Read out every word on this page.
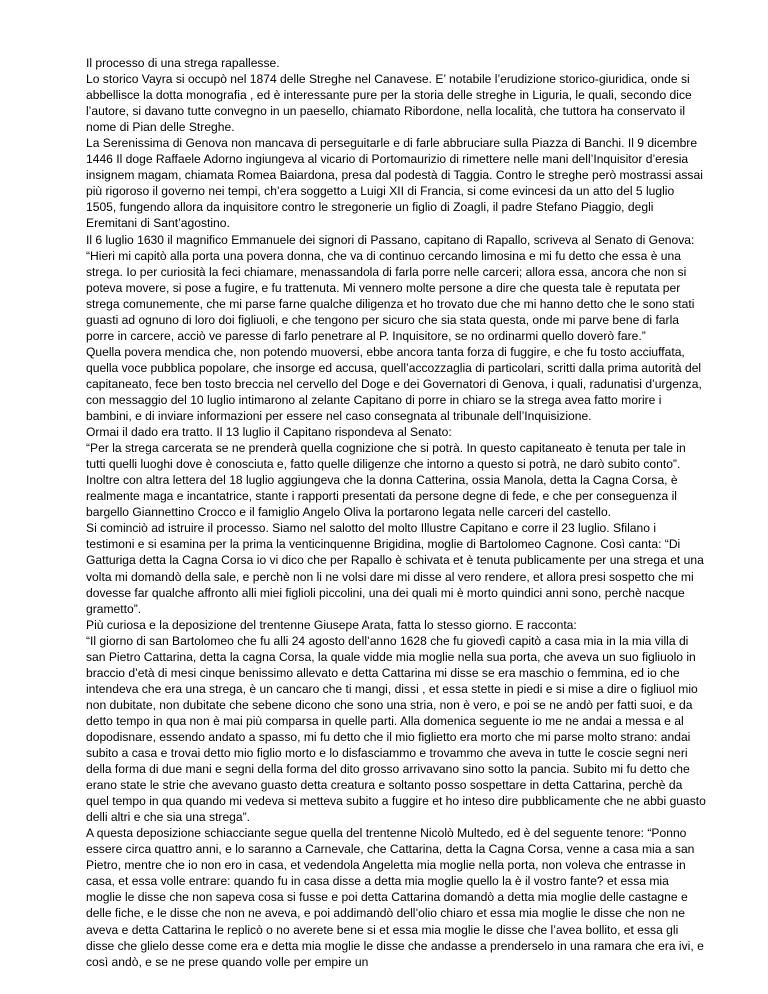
Il processo di una strega rapallesse.

Lo storico Vayra si occupò nel 1874 delle Streghe nel Canavese. E’ notabile l’erudizione storico-giuridica, onde si abbellisce la dotta monografia , ed è interessante pure per la storia delle streghe in Liguria, le quali, secondo dice l’autore, si davano tutte convegno in un paesello, chiamato Ribordone, nella località, che tuttora ha conservato il nome di Pian delle Streghe.

La Serenissima di Genova non mancava di perseguitarle e di farle abbruciare sulla Piazza di Banchi. Il 9 dicembre 1446 Il doge Raffaele Adorno ingiungeva al vicario di Portomaurizio di rimettere nelle mani dell’Inquisitor d’eresia insignem magam, chiamata Romea Baiardona, presa dal podestà di Taggia. Contro le streghe però mostrassi assai più rigoroso il governo nei tempi, ch’era soggetto a Luigi XII di Francia, si come evincesi da un atto del 5 luglio 1505, fungendo allora da inquisitore contro le stregonerie un figlio di Zoagli, il padre Stefano Piaggio, degli Eremitani di Sant’agostino.

Il 6 luglio 1630 il magnifico Emmanuele dei signori di Passano, capitano di Rapallo, scriveva al Senato di Genova:

“Hieri mi capitò alla porta una povera donna, che va di continuo cercando limosina e mi fu detto che essa è una strega. Io per curiosità la feci chiamare, menassandola di farla porre nelle carceri; allora essa, ancora che non si poteva movere, si pose a fugire, e fu trattenuta. Mi vennero molte persone a dire che questa tale è reputata per strega comunemente, che mi parse farne qualche diligenza et ho trovato due che mi hanno detto che le sono stati guasti ad ognuno di loro doi figliuoli, e che tengono per sicuro che sia stata questa, onde mi parve bene di farla porre in carcere, acciò ve paresse di farlo penetrare al P. Inquisitore, se no ordinarmi quello doverò fare.”

Quella povera mendica che, non potendo muoversi, ebbe ancora tanta forza di fuggire, e che fu tosto acciuffata, quella voce pubblica popolare, che insorge ed accusa, quell’accozzaglia di particolari, scritti dalla prima autorità del capitaneato, fece ben tosto breccia nel cervello del Doge e dei Governatori di Genova, i quali, radunatisi d’urgenza, con messaggio del 10 luglio intimarono al zelante Capitano di porre in chiaro se la strega avea fatto morire i bambini, e di inviare informazioni per essere nel caso consegnata al tribunale dell’Inquisizione.

Ormai il dado era tratto. Il 13 luglio il Capitano rispondeva al Senato:

“Per la strega carcerata se ne prenderà quella cognizione che si potrà. In questo capitaneato è tenuta per tale in tutti quelli luoghi dove è conosciuta e, fatto quelle diligenze che intorno a questo si potrà, ne darò subito conto”.

Inoltre con altra lettera del 18 luglio aggiungeva che la donna Catterina, ossia Manola, detta la Cagna Corsa, è realmente maga e incantatrice, stante i rapporti presentati da persone degne di fede, e che per conseguenza il bargello Giannettino Crocco e il famiglio Angelo Oliva la portarono legata nelle carceri del castello.

Si cominciò ad istruire il processo. Siamo nel salotto del molto Illustre Capitano e corre il 23 luglio. Sfilano i testimoni e si esamina per la prima la venticinquenne Brigidina, moglie di Bartolomeo Cagnone. Così canta: “Di Gatturiga detta la Cagna Corsa io vi dico che per Rapallo è schivata et è tenuta publicamente per una strega et una volta mi domandò della sale, e perchè non li ne volsi dare mi disse al vero rendere, et allora presi sospetto che mi dovesse far qualche affronto alli miei figlioli piccolini, una dei quali mi è morto quindici anni sono, perchè nacque grametto”.

Più curiosa e la deposizione del trentenne Giusepe Arata, fatta lo stesso giorno. E racconta:

“Il giorno di san Bartolomeo che fu alli 24 agosto dell’anno 1628 che fu giovedì capitò a casa mia in la mia villa di san Pietro Cattarina, detta la cagna Corsa, la quale vidde mia moglie nella sua porta, che aveva un suo figliuolo in braccio d’età di mesi cinque benissimo allevato e detta Cattarina mi disse se era maschio o femmina, ed io che intendeva che era una strega, è un cancaro che ti mangi, dissi , et essa stette in piedi e si mise a dire o figliuol mio non dubitate, non dubitate che sebene dicono che sono una stria, non è vero, e poi se ne andò per fatti suoi, e da detto tempo in qua non è mai più comparsa in quelle parti. Alla domenica seguente io me ne andai a messa e al dopodisnare, essendo andato a spasso, mi fu detto che il mio figlietto era morto che mi parse molto strano: andai subito a casa e trovai detto mio figlio morto e lo disfasciammo e trovammo che aveva in tutte le coscie segni neri della forma di due mani e segni della forma del dito grosso arrivavano sino sotto la pancia. Subito mi fu detto che erano state le strie che avevano guasto detta creatura e soltanto posso sospettare in detta Cattarina, perchè da quel tempo in qua quando mi vedeva si metteva subito a fuggire et ho inteso dire pubblicamente che ne abbi guasto delli altri e che sia una strega”.

A questa deposizione schiacciante segue quella del trentenne Nicolò Multedo, ed è del seguente tenore: “Ponno essere circa quattro anni, e lo saranno a Carnevale, che Cattarina, detta la Cagna Corsa, venne a casa mia a san Pietro, mentre che io non ero in casa, et vedendola Angeletta mia moglie nella porta, non voleva che entrasse in casa, et essa volle entrare: quando fu in casa disse a detta mia moglie quello la è il vostro fante? et essa mia moglie le disse che non sapeva cosa si fusse e poi detta Cattarina domandò a detta mia moglie delle castagne e delle fiche, e le disse che non ne aveva, e poi addimandò dell’olio chiaro et essa mia moglie le disse che non ne aveva e detta Cattarina le replicò o no averete bene si et essa mia moglie le disse che l’avea bollito, et essa gli disse che glielo desse come era e detta mia moglie le disse che andasse a prenderselo in una ramara che era ivi, e così andò, e se ne prese quando volle per empire un
